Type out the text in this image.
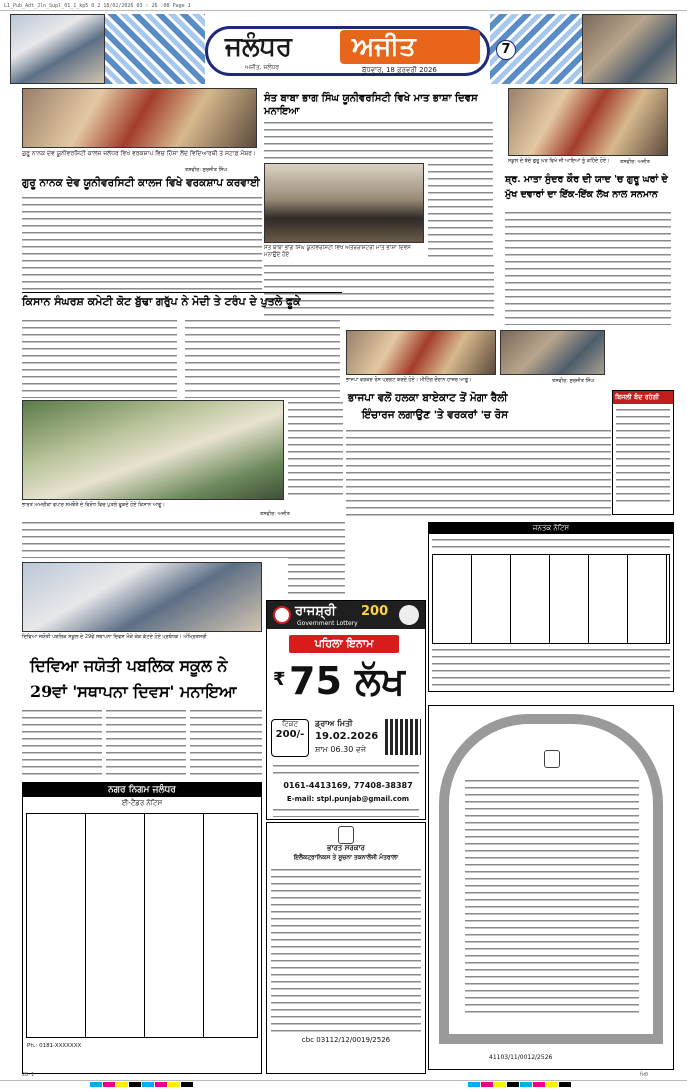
L1_Pub_Adt_Jln_Supl_01_1_kp5 0 2 18/02/2026 03 : 26 :08 Page 1
ਜਲੰਧਰ ਅਜੀਤ
ਅਜੀਤ, ਜਲੰਧਰ	ਬੁੱਧਵਾਰ, 18 ਫ਼ਰਵਰੀ 2026
7
ਗੁਰੂ ਨਾਨਕ ਦੇਵ ਯੂਨੀਵਰਸਿਟੀ ਕਾਲਜ ਜਲੰਧਰ ਵਿਖੇ ਵਰਕਸ਼ਾਪ ਵਿਚ ਹਿੱਸਾ ਲੈਂਦੇ ਵਿਦਿਆਰਥੀ ਤੇ ਸਟਾਫ਼ ਮੈਂਬਰ।
ਤਸਵੀਰ: ਸੁਰਜੀਤ ਸਿੰਘ
ਗੁਰੂ ਨਾਨਕ ਦੇਵ ਯੂਨੀਵਰਸਿਟੀ ਕਾਲਜ ਵਿਖੇ ਵਰਕਸ਼ਾਪ ਕਰਵਾਈ
ਸੰਤ ਬਾਬਾ ਭਾਗ ਸਿੰਘ ਯੂਨੀਵਰਸਿਟੀ ਵਿਖੇ ਮਾਤ ਭਾਸ਼ਾ ਦਿਵਸ ਮਨਾਇਆ
ਸੰਤ ਬਾਬਾ ਭਾਗ ਸਿੰਘ ਯੂਨੀਵਰਸਿਟੀ ਵਿਖੇ ਅੰਤਰਰਾਸ਼ਟਰੀ ਮਾਤ ਭਾਸ਼ਾ ਦਿਵਸ ਮਨਾਉਂਦੇ ਹੋਏ
ਸਕੂਲ ਦੇ ਬੱਚੇ ਗੁਰੂ ਘਰ ਵਿਖੇ ਜੀ ਆਇਆਂ ਨੂੰ ਕਹਿੰਦੇ ਹੋਏ।	ਤਸਵੀਰ: ਅਜੀਤ
ਸ਼੍ਰ. ਮਾਤਾ ਸੁੰਦਰ ਕੌਰ ਦੀ ਯਾਦ 'ਚ ਗੁਰੂ ਘਰਾਂ ਦੇ ਮੁੱਖ ਦਵਾਰਾਂ ਦਾ ਇੱਕ-ਇੱਕ ਲੱਖ ਨਾਲ ਸਨਮਾਨ
ਕਿਸਾਨ ਸੰਘਰਸ਼ ਕਮੇਟੀ ਕੋਟ ਬੁੱਢਾ ਗਰੁੱਪ ਨੇ ਮੋਦੀ ਤੇ ਟਰੰਪ ਦੇ ਪੁਤਲੇ ਫੂਕੇ
ਭਾਰਤ ਅਮਰੀਕਾ ਵਪਾਰ ਸਮਝੌਤੇ ਦੇ ਵਿਰੋਧ ਵਿਚ ਪੁਤਲੇ ਫੂਕਦੇ ਹੋਏ ਕਿਸਾਨ ਆਗੂ।
ਤਸਵੀਰ: ਅਜੀਤ
ਭਾਜਪਾ ਵਰਕਰ ਰੋਸ ਪ੍ਰਗਟ ਕਰਦੇ ਹੋਏ। ਮੀਟਿੰਗ ਦੌਰਾਨ ਹਾਜ਼ਰ ਆਗੂ।	ਤਸਵੀਰ: ਸੁਰਜੀਤ ਸਿੰਘ
ਭਾਜਪਾ ਵਲੋਂ ਹਲਕਾ ਬਾਏਕਾਟ ਤੋਂ ਮੋਗਾ ਰੈਲੀ
ਇੰਚਾਰਜ ਲਗਾਉਣ 'ਤੇ ਵਰਕਰਾਂ 'ਚ ਰੋਸ
ਬਿਜਲੀ ਬੰਦ ਰਹੇਗੀ
ਦਿਵਿਆ ਜਯੋਤੀ ਪਬਲਿਕ ਸਕੂਲ ਦੇ 29ਵੇਂ ਸਥਾਪਨਾ ਦਿਵਸ ਮੌਕੇ ਕੇਕ ਕੱਟਦੇ ਹੋਏ ਪ੍ਰਬੰਧਕ। ਅੰਮ੍ਰਿਤਸਰੀ
ਦਿਵਿਆ ਜਯੋਤੀ ਪਬਲਿਕ ਸਕੂਲ ਨੇ
29ਵਾਂ 'ਸਥਾਪਨਾ ਦਿਵਸ' ਮਨਾਇਆ
ਰਾਜਸ਼੍ਰੀ 200
Government Lottery
ਪਹਿਲਾ ਇਨਾਮ
₹ 75 ਲੱਖ
ਟਿਕਟ
200/-
ਡ੍ਰਾਅ ਮਿਤੀ
19.02.2026
ਸ਼ਾਮ 06.30 ਵਜੇ
0161-4413169, 77408-38387
E-mail: stpl.punjab@gmail.com
ਜਨਤਕ ਨੋਟਿਸ
ਨਗਰ ਨਿਗਮ ਜਲੰਧਰ
ਈ-ਟੈਂਡਰ ਨੋਟਿਸ
Ph.: 0181-XXXXXXX
ਭਾਰਤ ਸਰਕਾਰ
ਇਲੈਕਟ੍ਰਾਨਿਕਸ ਤੇ ਸੂਚਨਾ ਤਕਨਾਲੋਜੀ ਮੰਤਰਾਲਾ
cbc 03112/12/0019/2526
41103/11/0012/2526
28-1	ਮਿ0
